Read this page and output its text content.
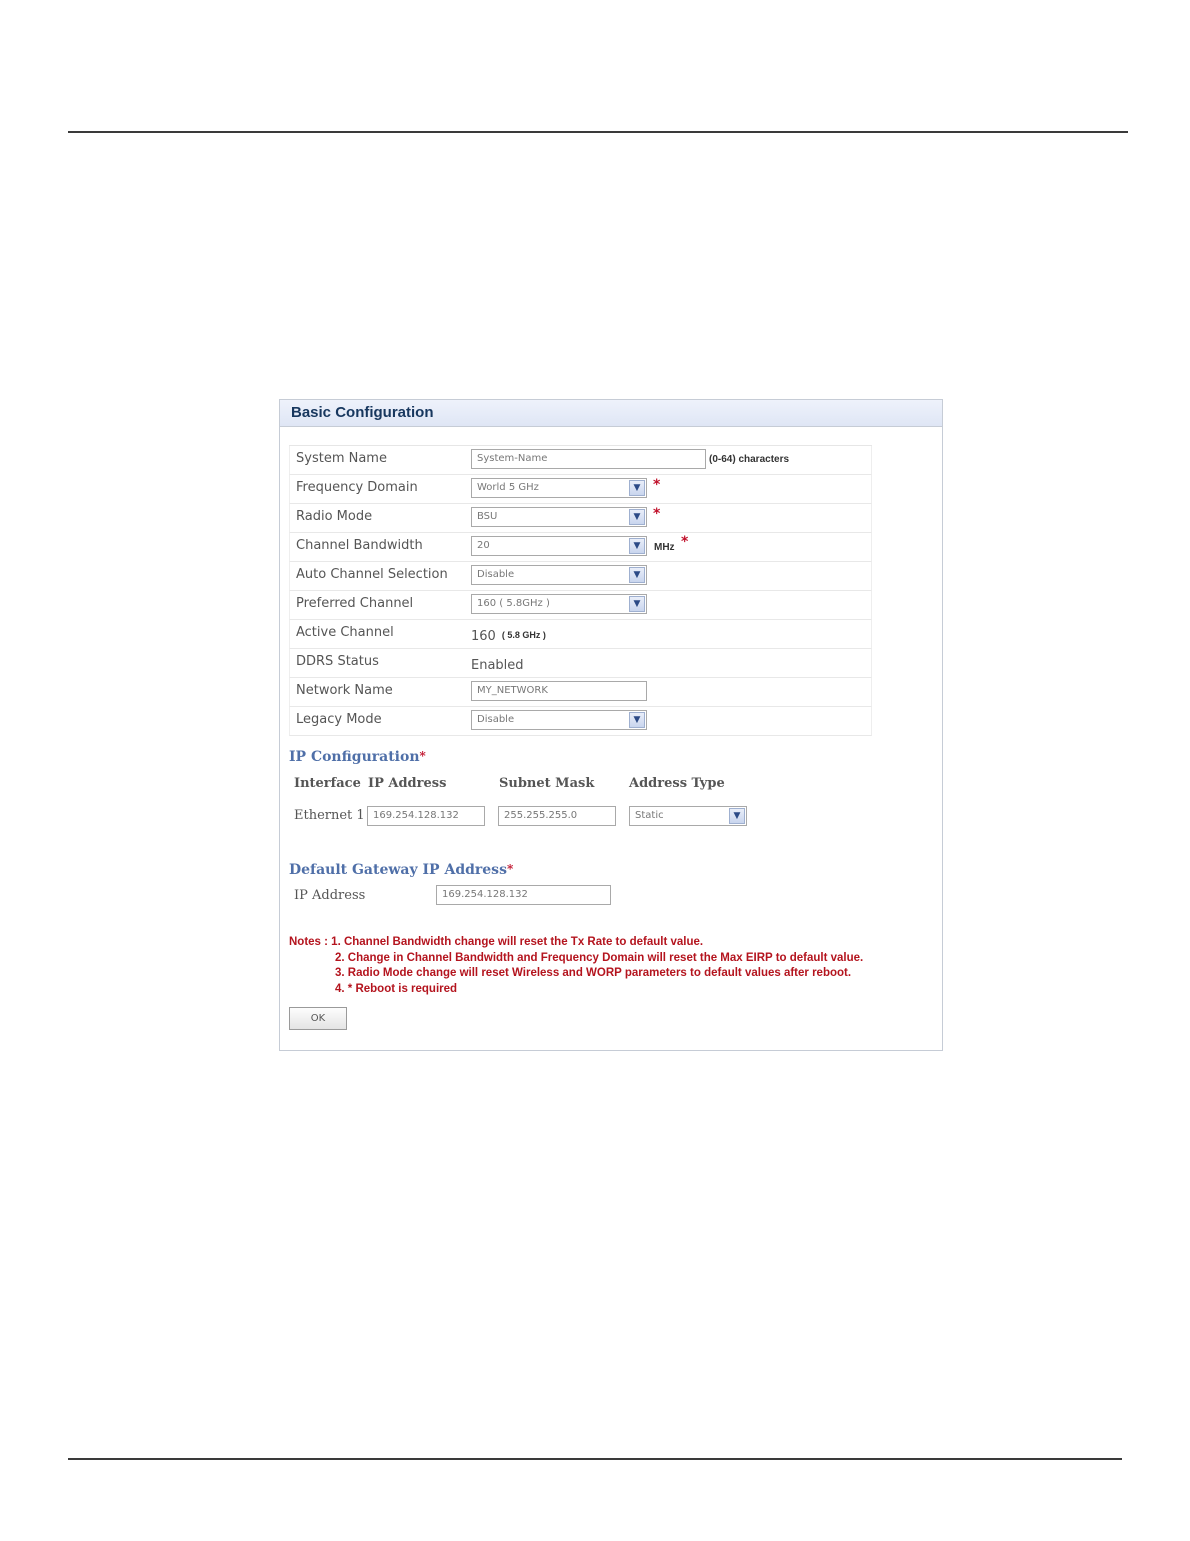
Basic Configuration
System Name	System-Name	(0-64) characters
Frequency Domain	World 5 GHz	▼ *
Radio Mode	BSU	▼ *
Channel Bandwidth	20	▼	MHz *
Auto Channel Selection	Disable	▼
Preferred Channel	160 ( 5.8GHz )	▼
Active Channel	160 ( 5.8 GHz )
DDRS Status	Enabled
Network Name	MY_NETWORK
Legacy Mode	Disable	▼
IP Configuration*
Interface IP Address	Subnet Mask	Address Type
Ethernet 1 169.254.128.132	255.255.255.0	Static	▼
Default Gateway IP Address*
IP Address	169.254.128.132
Notes : 1. Channel Bandwidth change will reset the Tx Rate to default value.
2. Change in Channel Bandwidth and Frequency Domain will reset the Max EIRP to default value.
3. Radio Mode change will reset Wireless and WORP parameters to default values after reboot.
4. * Reboot is required
OK
